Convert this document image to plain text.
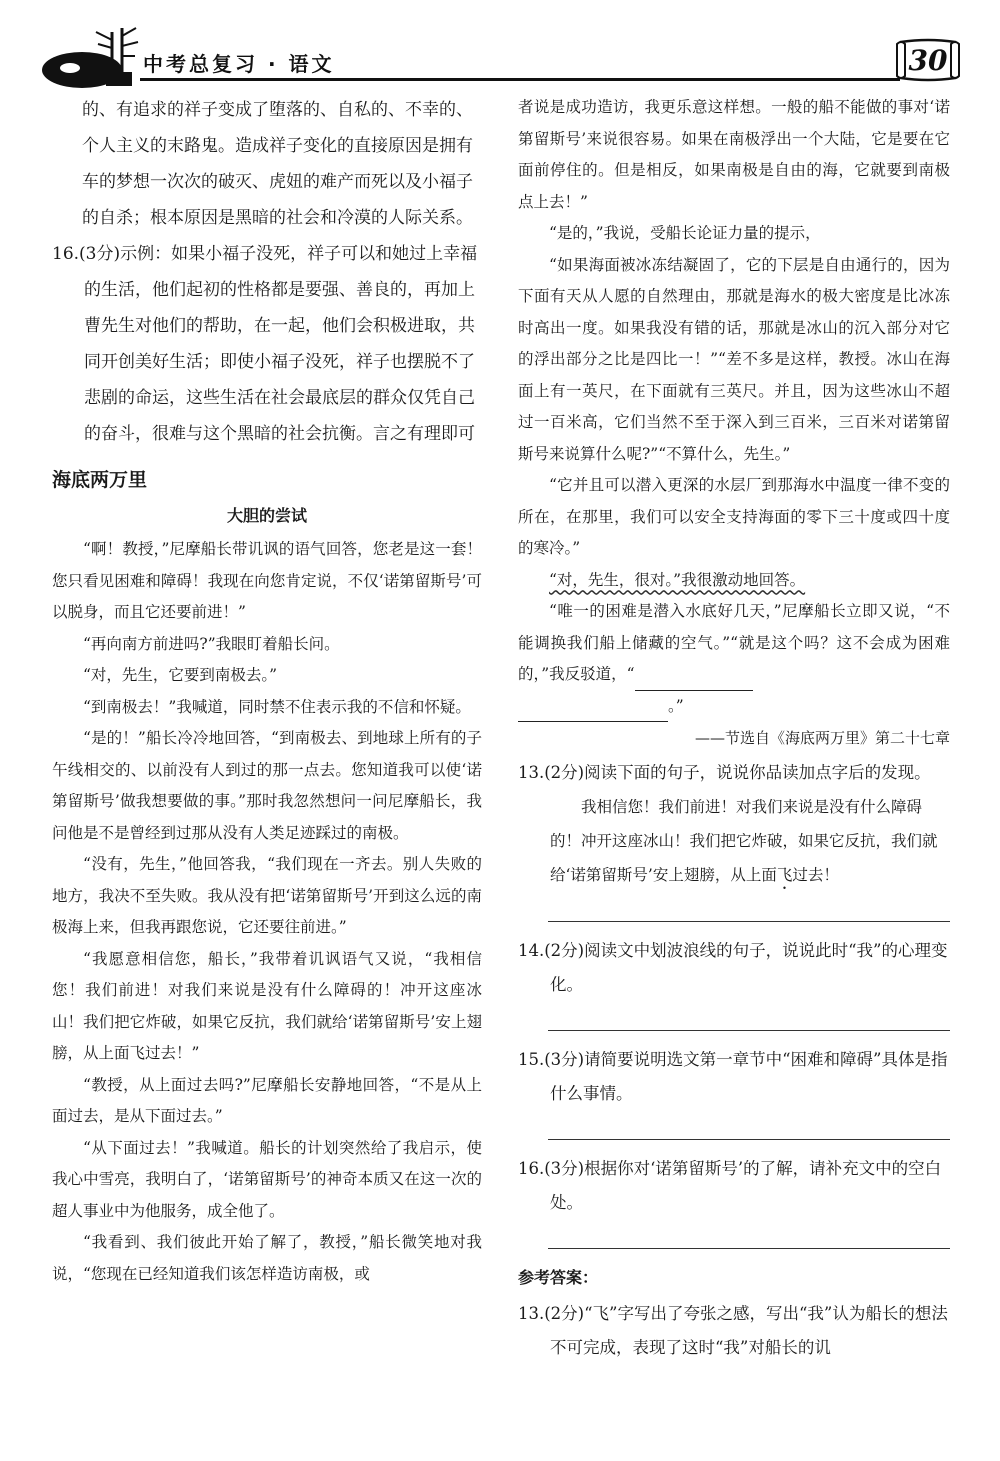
中考总复习 · 语文	30

的、有追求的祥子变成了堕落的、自私的、不幸的、个人主义的末路鬼。造成祥子变化的直接原因是拥有车的梦想一次次的破灭、虎妞的难产而死以及小福子的自杀；根本原因是黑暗的社会和冷漠的人际关系。

16.(3分)示例：如果小福子没死，祥子可以和她过上幸福的生活，他们起初的性格都是要强、善良的，再加上曹先生对他们的帮助，在一起，他们会积极进取，共同开创美好生活；即使小福子没死，祥子也摆脱不了悲剧的命运，这些生活在社会最底层的群众仅凭自己的奋斗，很难与这个黑暗的社会抗衡。言之有理即可

海底两万里
大胆的尝试

“啊！教授，”尼摩船长带讥讽的语气回答，您老是这一套！您只看见困难和障碍！我现在向您肯定说，不仅‘诺第留斯号’可以脱身，而且它还要前进！”

“再向南方前进吗?”我眼盯着船长问。

“对，先生，它要到南极去。”

“到南极去！”我喊道，同时禁不住表示我的不信和怀疑。

“是的！”船长冷冷地回答，“到南极去、到地球上所有的子午线相交的、以前没有人到过的那一点去。您知道我可以使‘诺第留斯号’做我想要做的事。”那时我忽然想问一问尼摩船长，我问他是不是曾经到过那从没有人类足迹踩过的南极。

“没有，先生，”他回答我，“我们现在一齐去。别人失败的地方，我决不至失败。我从没有把‘诺第留斯号’开到这么远的南极海上来，但我再跟您说，它还要往前进。”

“我愿意相信您，船长，”我带着讥讽语气又说，“我相信您！我们前进！对我们来说是没有什么障碍的！冲开这座冰山！我们把它炸破，如果它反抗，我们就给‘诺第留斯号’安上翅膀，从上面飞过去！”

“教授，从上面过去吗?”尼摩船长安静地回答，“不是从上面过去，是从下面过去。”

“从下面过去！”我喊道。船长的计划突然给了我启示，使我心中雪亮，我明白了，‘诺第留斯号’的神奇本质又在这一次的超人事业中为他服务，成全他了。

“我看到、我们彼此开始了解了，教授，”船长微笑地对我说，“您现在已经知道我们该怎样造访南极，或

者说是成功造访，我更乐意这样想。一般的船不能做的事对‘诺第留斯号’来说很容易。如果在南极浮出一个大陆，它是要在它面前停住的。但是相反，如果南极是自由的海，它就要到南极点上去！”

“是的，”我说，受船长论证力量的提示，

“如果海面被冰冻结凝固了，它的下层是自由通行的，因为下面有天从人愿的自然理由，那就是海水的极大密度是比冰冻时高出一度。如果我没有错的话，那就是冰山的沉入部分对它的浮出部分之比是四比一！”“差不多是这样，教授。冰山在海面上有一英尺，在下面就有三英尺。并且，因为这些冰山不超过一百米高，它们当然不至于深入到三百米，三百米对诺第留斯号来说算什么呢?”“不算什么，先生。”

“它并且可以潜入更深的水层厂到那海水中温度一律不变的所在，在那里，我们可以安全支持海面的零下三十度或四十度的寒冷。”

“对，先生，很对。”我很激动地回答。

“唯一的困难是潜入水底好几天，”尼摩船长立即又说，“不能调换我们船上储藏的空气。”“就是这个吗？这不会成为困难的，”我反驳道，“
。”

——节选自《海底两万里》第二十七章

13.(2分)阅读下面的句子，说说你品读加点字后的发现。

我相信您！我们前进！对我们来说是没有什么障碍的！冲开这座冰山！我们把它炸破，如果它反抗，我们就给‘诺第留斯号’安上翅膀，从上面飞过去！

14.(2分)阅读文中划波浪线的句子，说说此时“我”的心理变化。

15.(3分)请简要说明选文第一章节中“困难和障碍”具体是指什么事情。

16.(3分)根据你对‘诺第留斯号’的了解，请补充文中的空白处。

参考答案：

13.(2分)“飞”字写出了夸张之感，写出“我”认为船长的想法不可完成，表现了这时“我”对船长的讥
